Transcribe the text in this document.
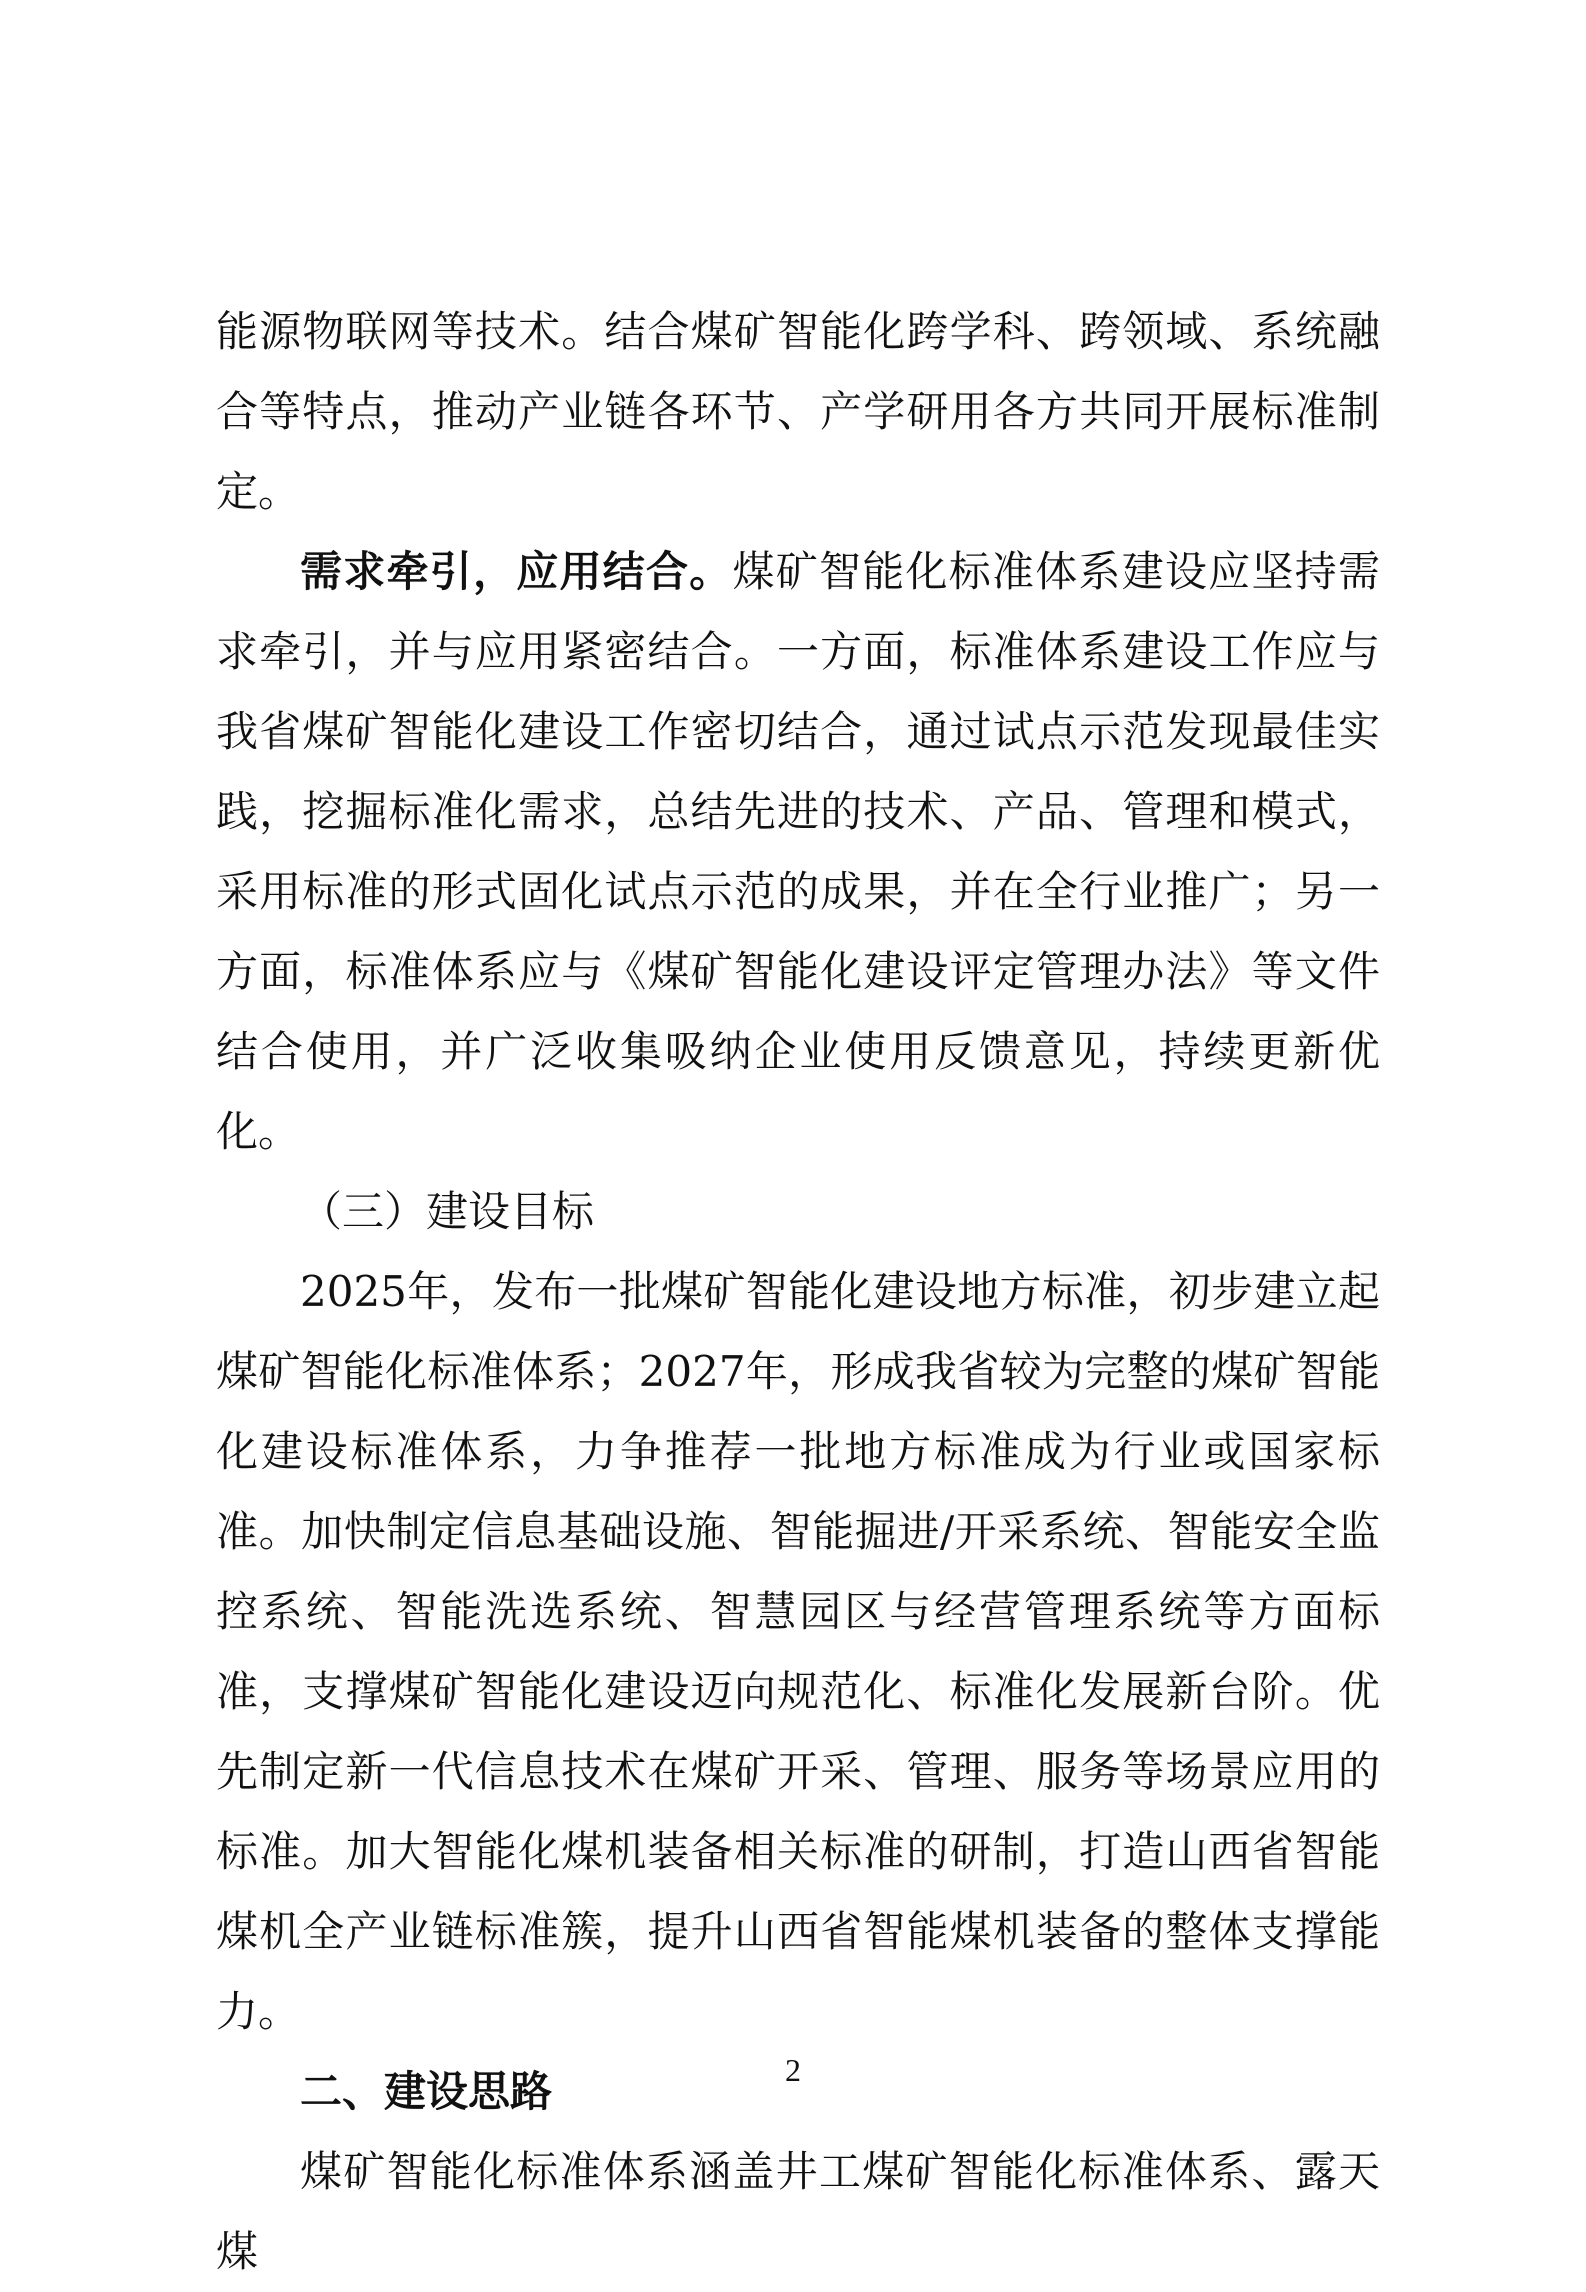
能源物联网等技术。结合煤矿智能化跨学科、跨领域、系统融合等特点，推动产业链各环节、产学研用各方共同开展标准制定。

需求牵引，应用结合。煤矿智能化标准体系建设应坚持需求牵引，并与应用紧密结合。一方面，标准体系建设工作应与我省煤矿智能化建设工作密切结合，通过试点示范发现最佳实践，挖掘标准化需求，总结先进的技术、产品、管理和模式，采用标准的形式固化试点示范的成果，并在全行业推广；另一方面，标准体系应与《煤矿智能化建设评定管理办法》等文件结合使用，并广泛收集吸纳企业使用反馈意见，持续更新优化。

（三）建设目标

2025年，发布一批煤矿智能化建设地方标准，初步建立起煤矿智能化标准体系；2027年，形成我省较为完整的煤矿智能化建设标准体系，力争推荐一批地方标准成为行业或国家标准。加快制定信息基础设施、智能掘进/开采系统、智能安全监控系统、智能洗选系统、智慧园区与经营管理系统等方面标准，支撑煤矿智能化建设迈向规范化、标准化发展新台阶。优先制定新一代信息技术在煤矿开采、管理、服务等场景应用的标准。加大智能化煤机装备相关标准的研制，打造山西省智能煤机全产业链标准簇，提升山西省智能煤机装备的整体支撑能力。

二、建设思路

煤矿智能化标准体系涵盖井工煤矿智能化标准体系、露天煤

2
